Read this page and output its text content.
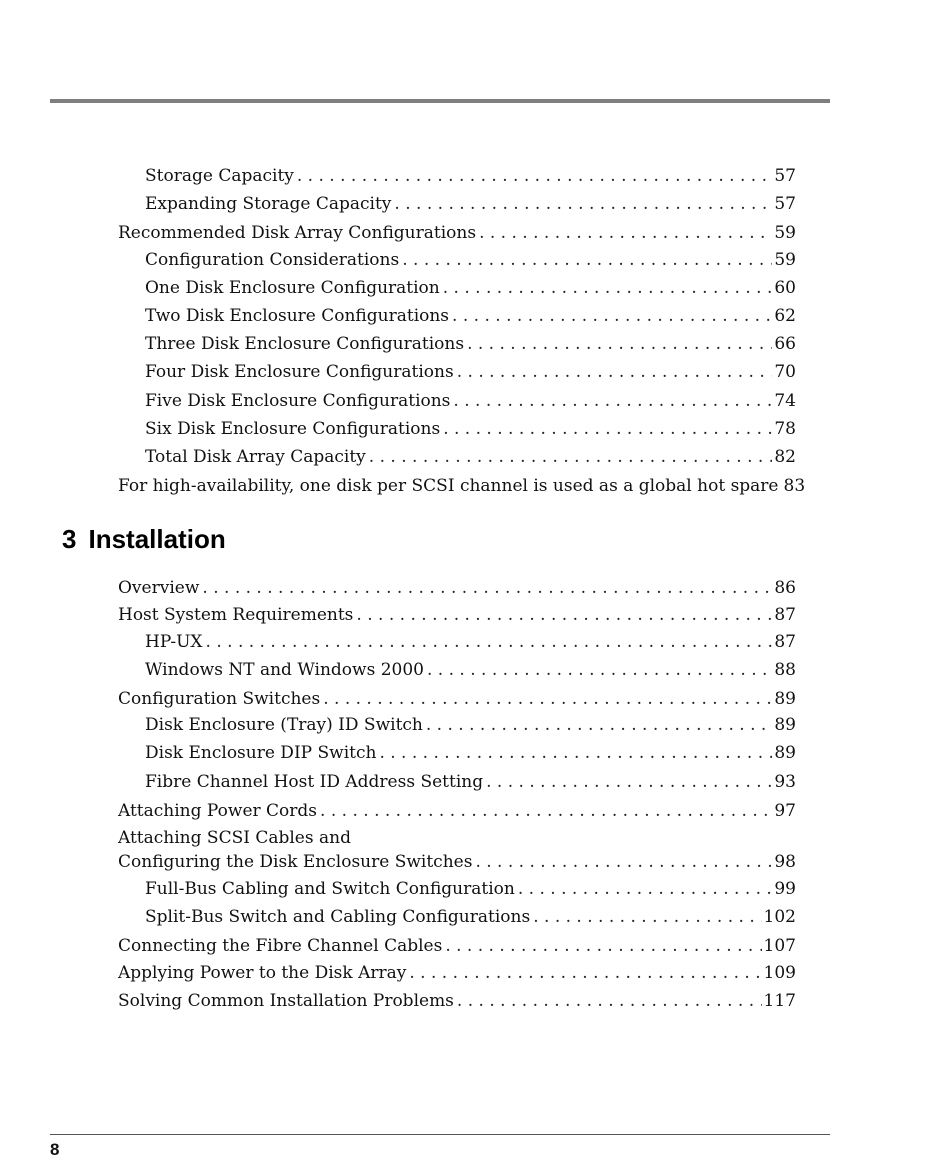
Storage Capacity . . .	57
Expanding Storage Capacity . . .	57
Recommended Disk Array Configurations . . .	59
Configuration Considerations . . .	59
One Disk Enclosure Configuration . . .	60
Two Disk Enclosure Configurations . . .	62
Three Disk Enclosure Configurations . . .	66
Four Disk Enclosure Configurations . . .	70
Five Disk Enclosure Configurations . . .	74
Six Disk Enclosure Configurations . . .	78
Total Disk Array Capacity . . .	82
For high-availability, one disk per SCSI channel is used as a global hot spare 83
3 Installation
Overview . . .	86
Host System Requirements . . .	87
HP-UX . . .	87
Windows NT and Windows 2000 . . .	88
Configuration Switches . . .	89
Disk Enclosure (Tray) ID Switch . . .	89
Disk Enclosure DIP Switch . . .	89
Fibre Channel Host ID Address Setting . . .	93
Attaching Power Cords . . .	97
Attaching SCSI Cables and
Configuring the Disk Enclosure Switches . . .	98
Full-Bus Cabling and Switch Configuration . . .	99
Split-Bus Switch and Cabling Configurations . . .	102
Connecting the Fibre Channel Cables . . .	107
Applying Power to the Disk Array . . .	109
Solving Common Installation Problems . . .	117
8
